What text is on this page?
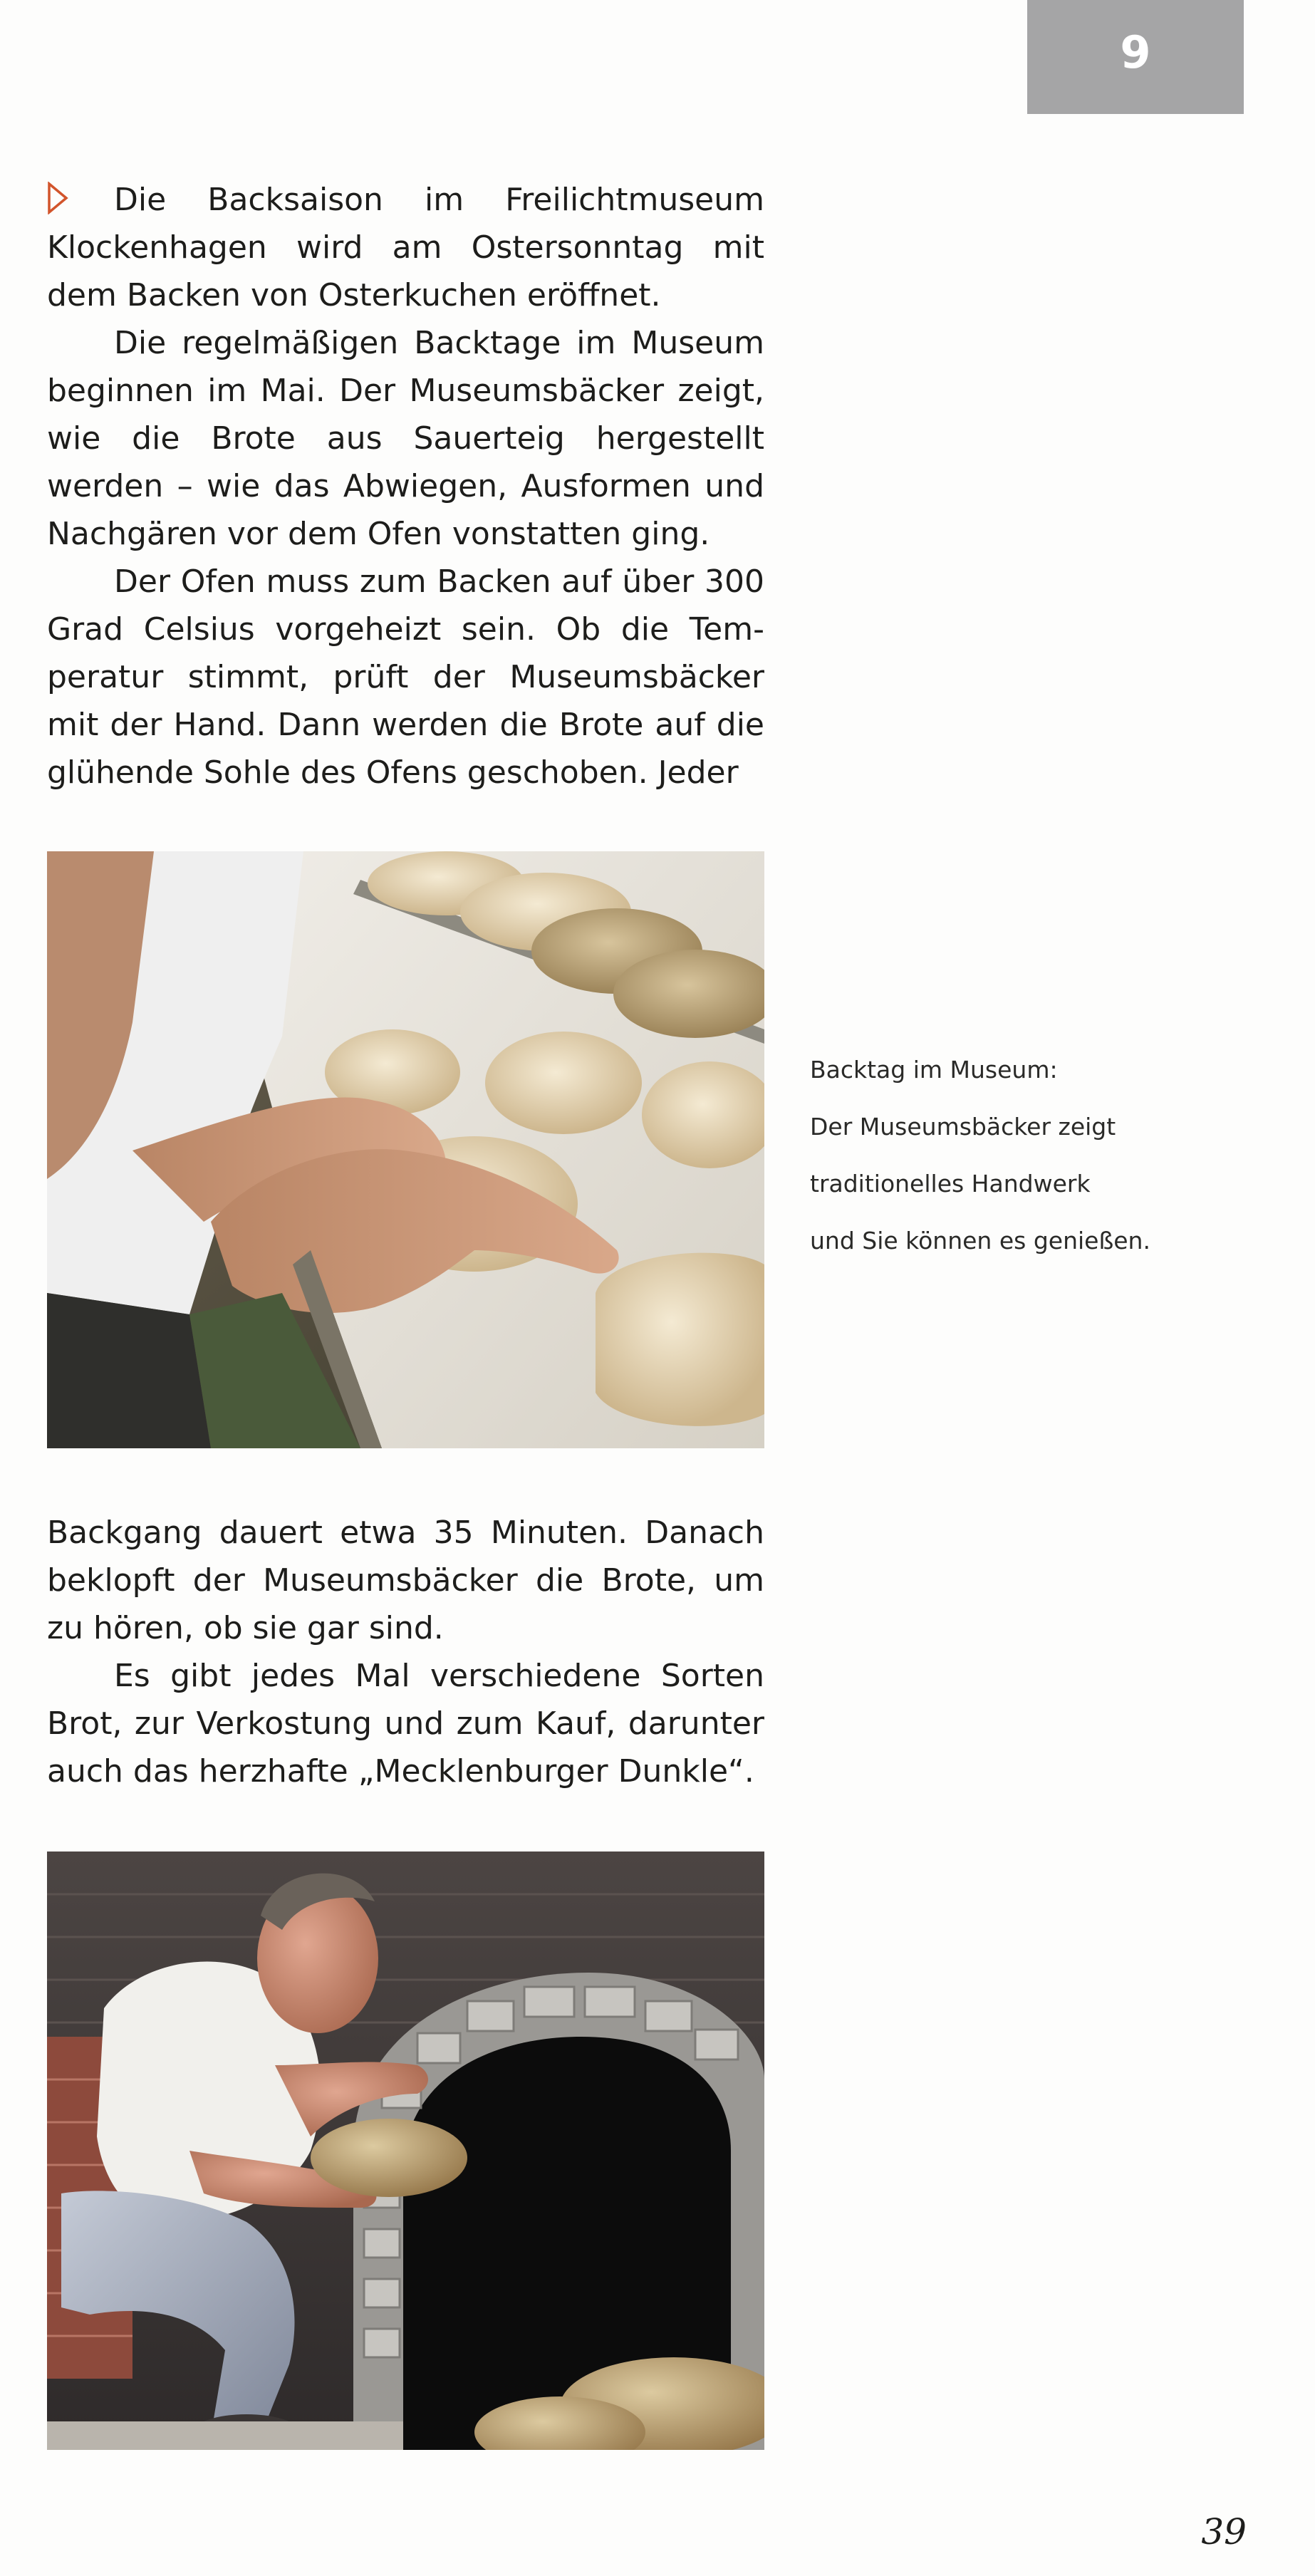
9

Die Backsaison im Freilichtmuseum Klockenhagen wird am Ostersonntag mit dem Backen von Osterkuchen eröffnet.

Die regelmäßigen Backtage im Museum beginnen im Mai. Der Museumsbäcker zeigt, wie die Brote aus Sauerteig hergestellt werden – wie das Abwiegen, Ausformen und Nachgären vor dem Ofen vonstatten ging.

Der Ofen muss zum Backen auf über 300 Grad Celsius vorgeheizt sein. Ob die Temperatur stimmt, prüft der Museumsbäcker mit der Hand. Dann werden die Brote auf die glühende Sohle des Ofens geschoben. Jeder

Backtag im Museum:
Der Museumsbäcker zeigt
traditionelles Handwerk
und Sie können es genießen.

Backgang dauert etwa 35 Minuten. Danach beklopft der Museumsbäcker die Brote, um zu hören, ob sie gar sind.

Es gibt jedes Mal verschiedene Sorten Brot, zur Verkostung und zum Kauf, darunter auch das herzhafte „Mecklenburger Dunkle“.

39
